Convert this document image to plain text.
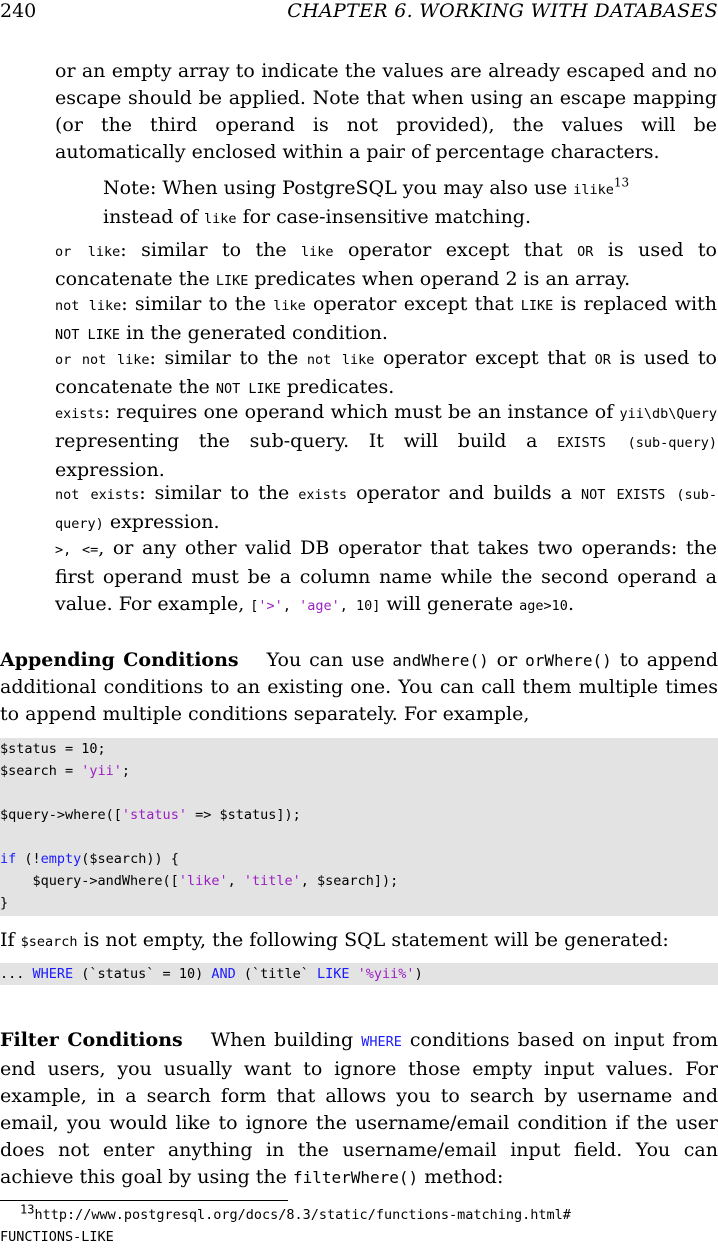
240	CHAPTER 6. WORKING WITH DATABASES
or an empty array to indicate the values are already escaped and no escape should be applied. Note that when using an escape mapping (or the third operand is not provided), the values will be automatically enclosed within a pair of percentage characters.
Note: When using PostgreSQL you may also use ilike$^{13}$
instead of like for case-insensitive matching.
or like: similar to the like operator except that OR is used to concatenate the LIKE predicates when operand 2 is an array.
not like: similar to the like operator except that LIKE is replaced with NOT LIKE in the generated condition.
or not like: similar to the not like operator except that OR is used to concatenate the NOT LIKE predicates.
exists: requires one operand which must be an instance of yii\db\Query representing the sub-query. It will build a EXISTS (sub-query) expression.
not exists: similar to the exists operator and builds a NOT EXISTS (sub-query) expression.
>, <=, or any other valid DB operator that takes two operands: the first operand must be a column name while the second operand a value. For example, ['>', 'age', 10] will generate age>10.
Appending Conditions You can use andWhere() or orWhere() to append additional conditions to an existing one. You can call them multiple times to append multiple conditions separately. For example,
$status = 10;
$search = 'yii';

$query->where(['status' => $status]);

if (!empty($search)) {
$query->andWhere(['like', 'title', $search]);
}
If $search is not empty, the following SQL statement will be generated:
... WHERE (`status` = 10) AND (`title` LIKE '%yii%')
Filter Conditions When building WHERE conditions based on input from end users, you usually want to ignore those empty input values. For example, in a search form that allows you to search by username and email, you would like to ignore the username/email condition if the user does not enter anything in the username/email input field. You can achieve this goal by using the filterWhere() method:
$^{13}$http://www.postgresql.org/docs/8.3/static/functions-matching.html#
FUNCTIONS-LIKE
